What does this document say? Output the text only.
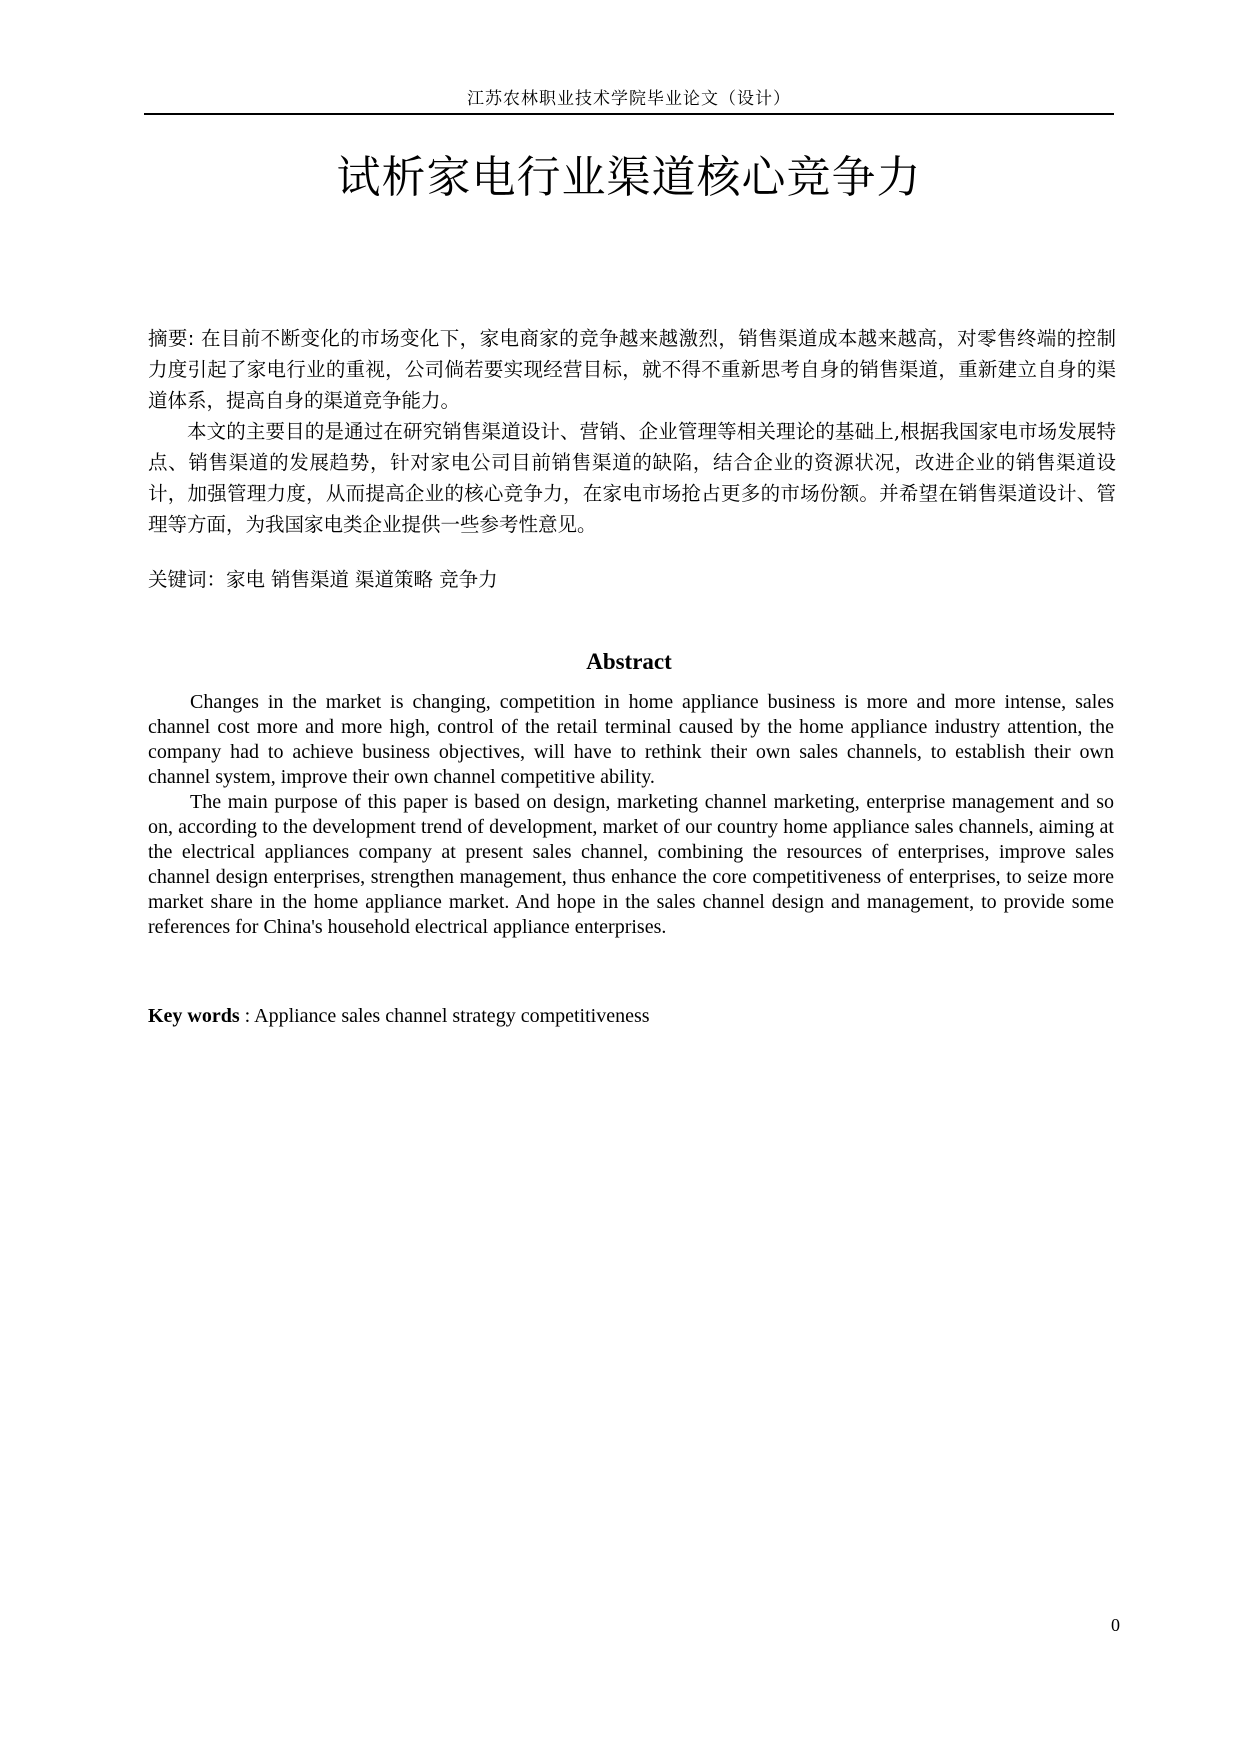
江苏农林职业技术学院毕业论文（设计）
试析家电行业渠道核心竞争力

摘要: 在目前不断变化的市场变化下，家电商家的竞争越来越激烈，销售渠道成本越来越高，对零售终端的控制力度引起了家电行业的重视，公司倘若要实现经营目标，就不得不重新思考自身的销售渠道，重新建立自身的渠道体系，提高自身的渠道竞争能力。

本文的主要目的是通过在研究销售渠道设计、营销、企业管理等相关理论的基础上,根据我国家电市场发展特点、销售渠道的发展趋势，针对家电公司目前销售渠道的缺陷，结合企业的资源状况，改进企业的销售渠道设计，加强管理力度，从而提高企业的核心竞争力，在家电市场抢占更多的市场份额。并希望在销售渠道设计、管理等方面，为我国家电类企业提供一些参考性意见。

关键词：家电 销售渠道 渠道策略 竞争力
Abstract

Changes in the market is changing, competition in home appliance business is more and more intense, sales channel cost more and more high, control of the retail terminal caused by the home appliance industry attention, the company had to achieve business objectives, will have to rethink their own sales channels, to establish their own channel system, improve their own channel competitive ability.

The main purpose of this paper is based on design, marketing channel marketing, enterprise management and so on, according to the development trend of development, market of our country home appliance sales channels, aiming at the electrical appliances company at present sales channel, combining the resources of enterprises, improve sales channel design enterprises, strengthen management, thus enhance the core competitiveness of enterprises, to seize more market share in the home appliance market. And hope in the sales channel design and management, to provide some references for China's household electrical appliance enterprises.

Key words : Appliance sales channel strategy competitiveness
0
